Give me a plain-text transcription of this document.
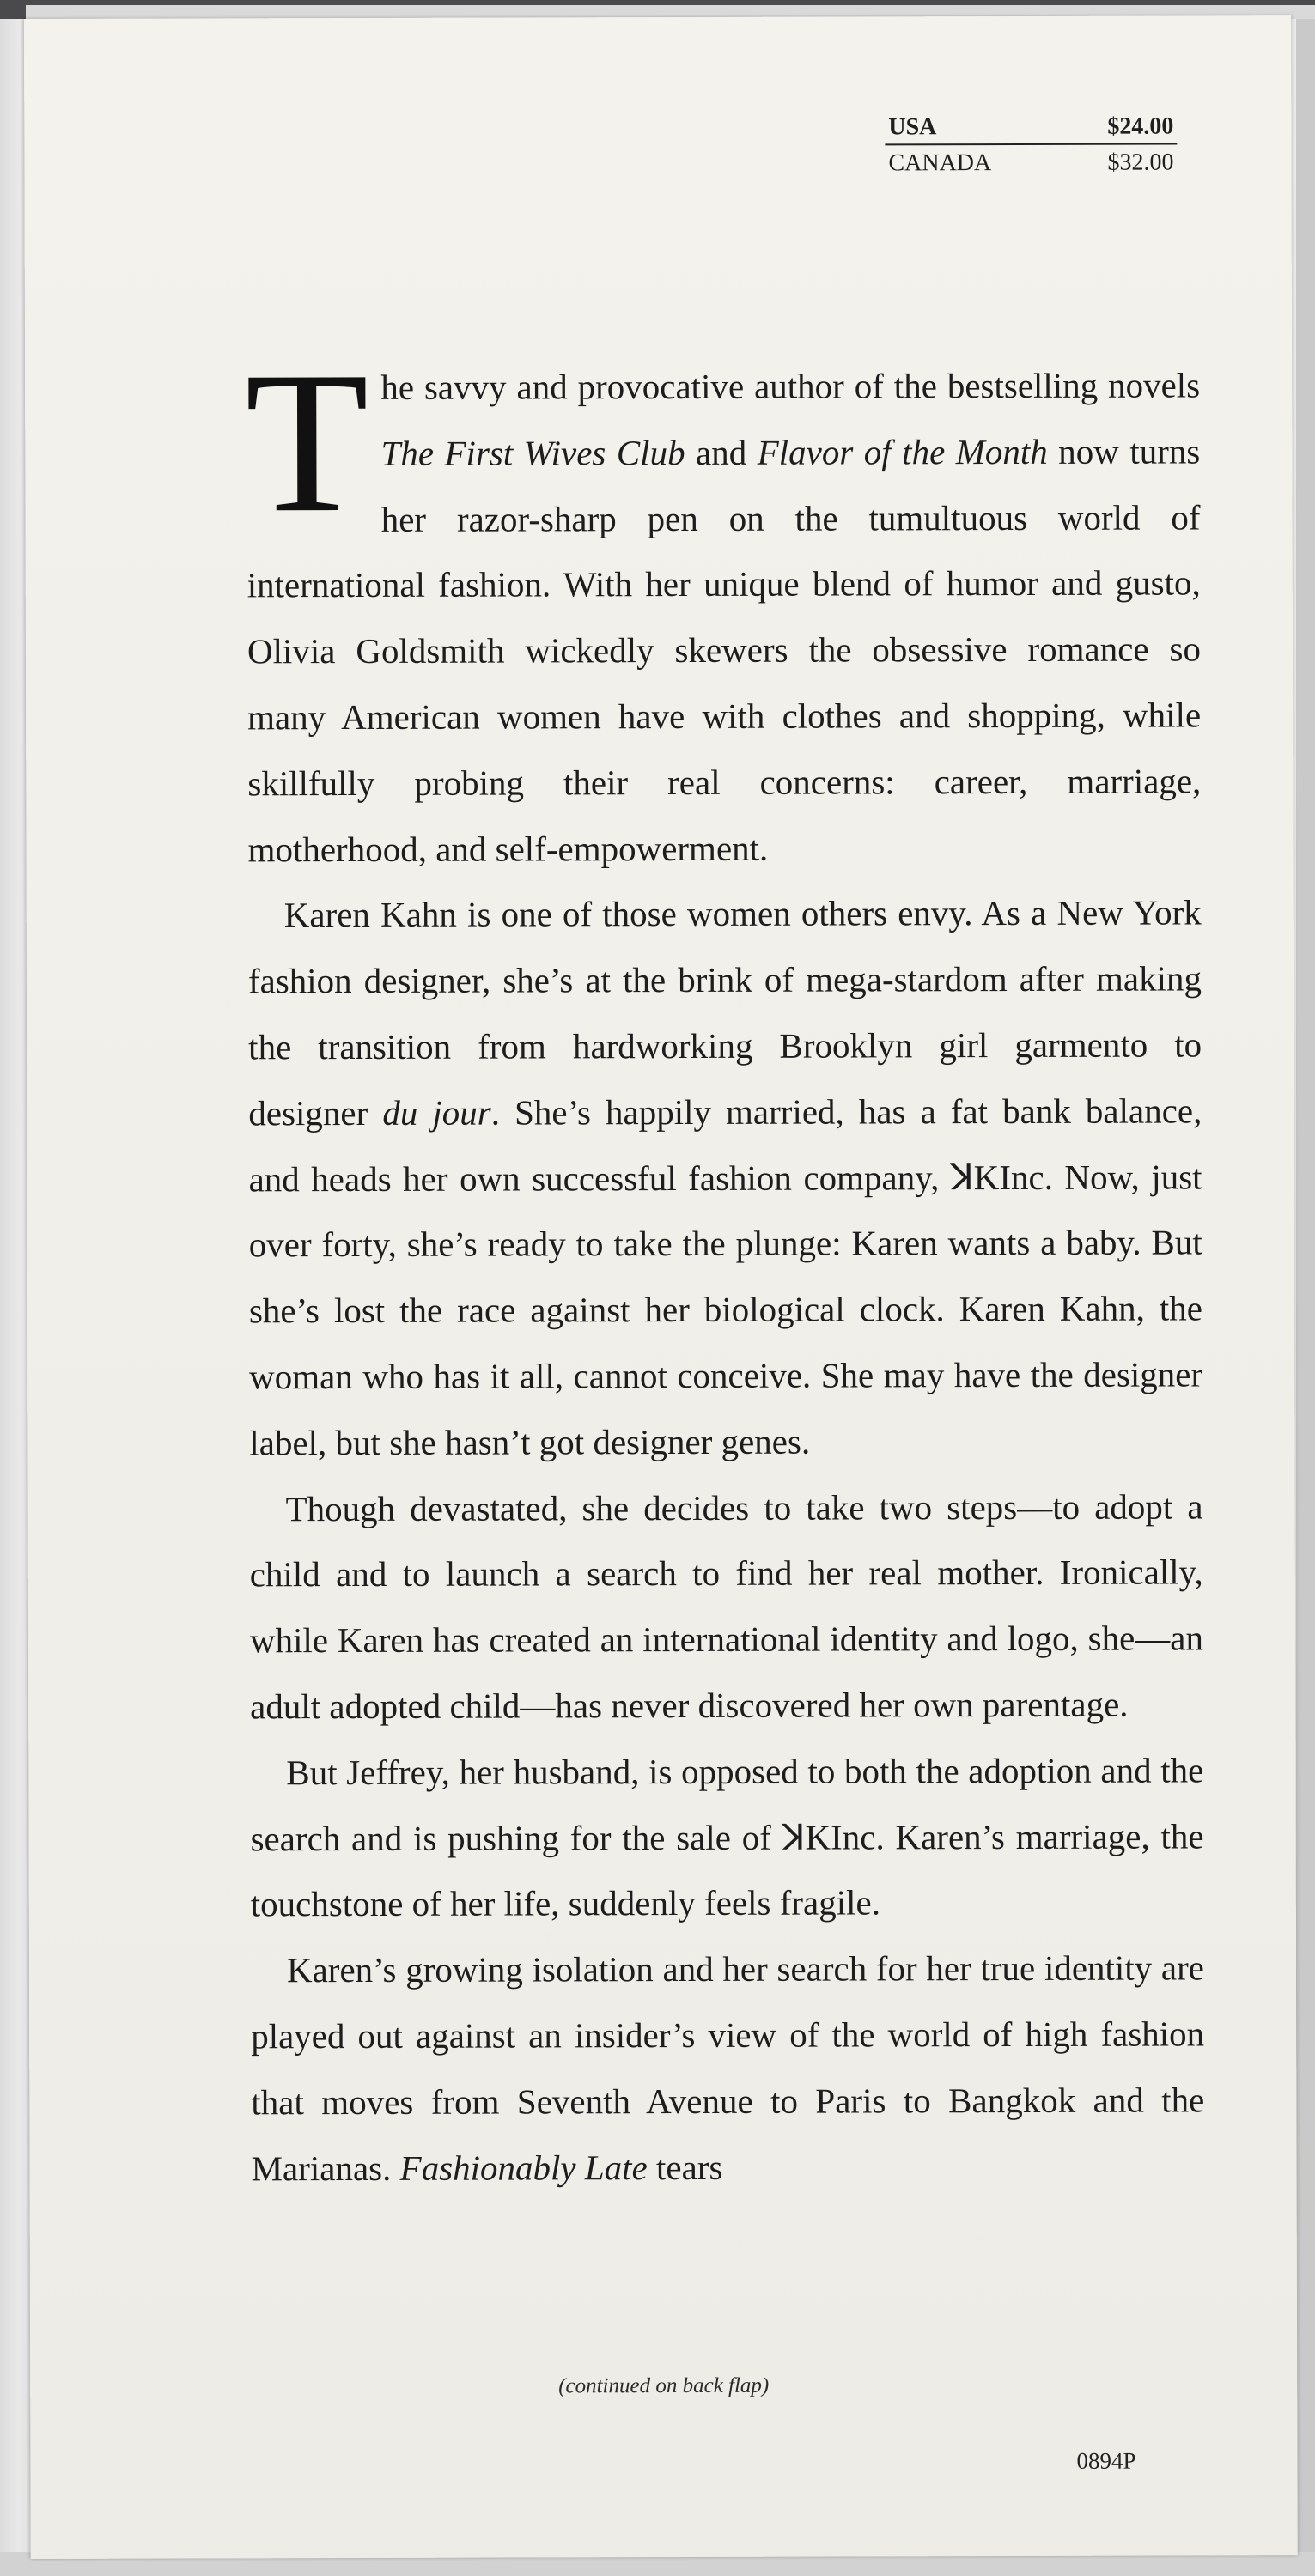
USA	$24.00
CANADA	$32.00

The savvy and provocative author of the bestselling novels The First Wives Club and Flavor of the Month now turns her razor-sharp pen on the tumultuous world of international fashion. With her unique blend of humor and gusto, Olivia Goldsmith wickedly skewers the obsessive romance so many American women have with clothes and shopping, while skillfully probing their real concerns: career, marriage, motherhood, and self-empowerment.

Karen Kahn is one of those women others envy. As a New York fashion designer, she’s at the brink of mega-stardom after making the transition from hardworking Brooklyn girl garmento to designer du jour. She’s happily married, has a fat bank balance, and heads her own successful fashion company, ꓘKInc. Now, just over forty, she’s ready to take the plunge: Karen wants a baby. But she’s lost the race against her biological clock. Karen Kahn, the woman who has it all, cannot conceive. She may have the designer label, but she hasn’t got designer genes.

Though devastated, she decides to take two steps—to adopt a child and to launch a search to find her real mother. Ironically, while Karen has created an international identity and logo, she—an adult adopted child—has never discovered her own parentage.

But Jeffrey, her husband, is opposed to both the adoption and the search and is pushing for the sale of ꓘKInc. Karen’s marriage, the touchstone of her life, suddenly feels fragile.

Karen’s growing isolation and her search for her true identity are played out against an insider’s view of the world of high fashion that moves from Seventh Avenue to Paris to Bangkok and the Marianas. Fashionably Late tears

(continued on back flap)
0894P
